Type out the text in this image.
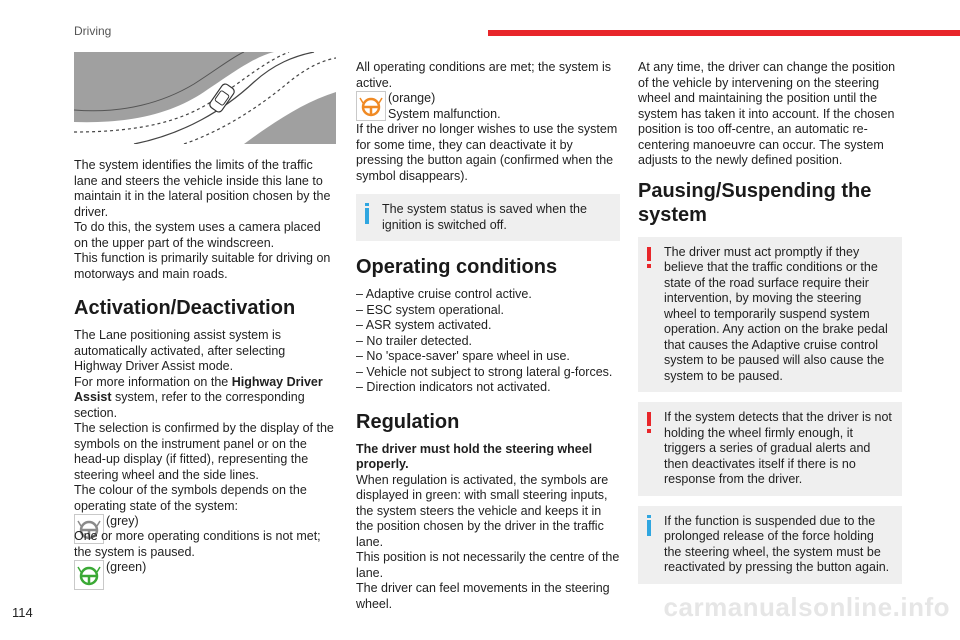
Driving

The system identifies the limits of the traffic lane and steers the vehicle inside this lane to maintain it in the lateral position chosen by the driver.

To do this, the system uses a camera placed on the upper part of the windscreen.

This function is primarily suitable for driving on motorways and main roads.

Activation/Deactivation

The Lane positioning assist system is automatically activated, after selecting Highway Driver Assist mode.

For more information on the Highway Driver Assist system, refer to the corresponding section.

The selection is confirmed by the display of the symbols on the instrument panel or on the head-up display (if fitted), representing the steering wheel and the side lines.

The colour of the symbols depends on the operating state of the system:

(grey)

One or more operating conditions is not met; the system is paused.

(green)

All operating conditions are met; the system is active.

(orange)
System malfunction.

If the driver no longer wishes to use the system for some time, they can deactivate it by pressing the button again (confirmed when the symbol disappears).

The system status is saved when the ignition is switched off.

Operating conditions

– Adaptive cruise control active.

– ESC system operational.

– ASR system activated.

– No trailer detected.

– No 'space-saver' spare wheel in use.

– Vehicle not subject to strong lateral g-forces.

– Direction indicators not activated.

Regulation

The driver must hold the steering wheel properly.

When regulation is activated, the symbols are displayed in green: with small steering inputs, the system steers the vehicle and keeps it in the position chosen by the driver in the traffic lane.

This position is not necessarily the centre of the lane.

The driver can feel movements in the steering wheel.

At any time, the driver can change the position of the vehicle by intervening on the steering wheel and maintaining the position until the system has taken it into account. If the chosen position is too off-centre, an automatic re-centering manoeuvre can occur. The system adjusts to the newly defined position.

Pausing/Suspending the system

The driver must act promptly if they believe that the traffic conditions or the state of the road surface require their intervention, by moving the steering wheel to temporarily suspend system operation. Any action on the brake pedal that causes the Adaptive cruise control system to be paused will also cause the system to be paused.

If the system detects that the driver is not holding the wheel firmly enough, it triggers a series of gradual alerts and then deactivates itself if there is no response from the driver.

If the function is suspended due to the prolonged release of the force holding the steering wheel, the system must be reactivated by pressing the button again.

114	carmanualsonline.info
